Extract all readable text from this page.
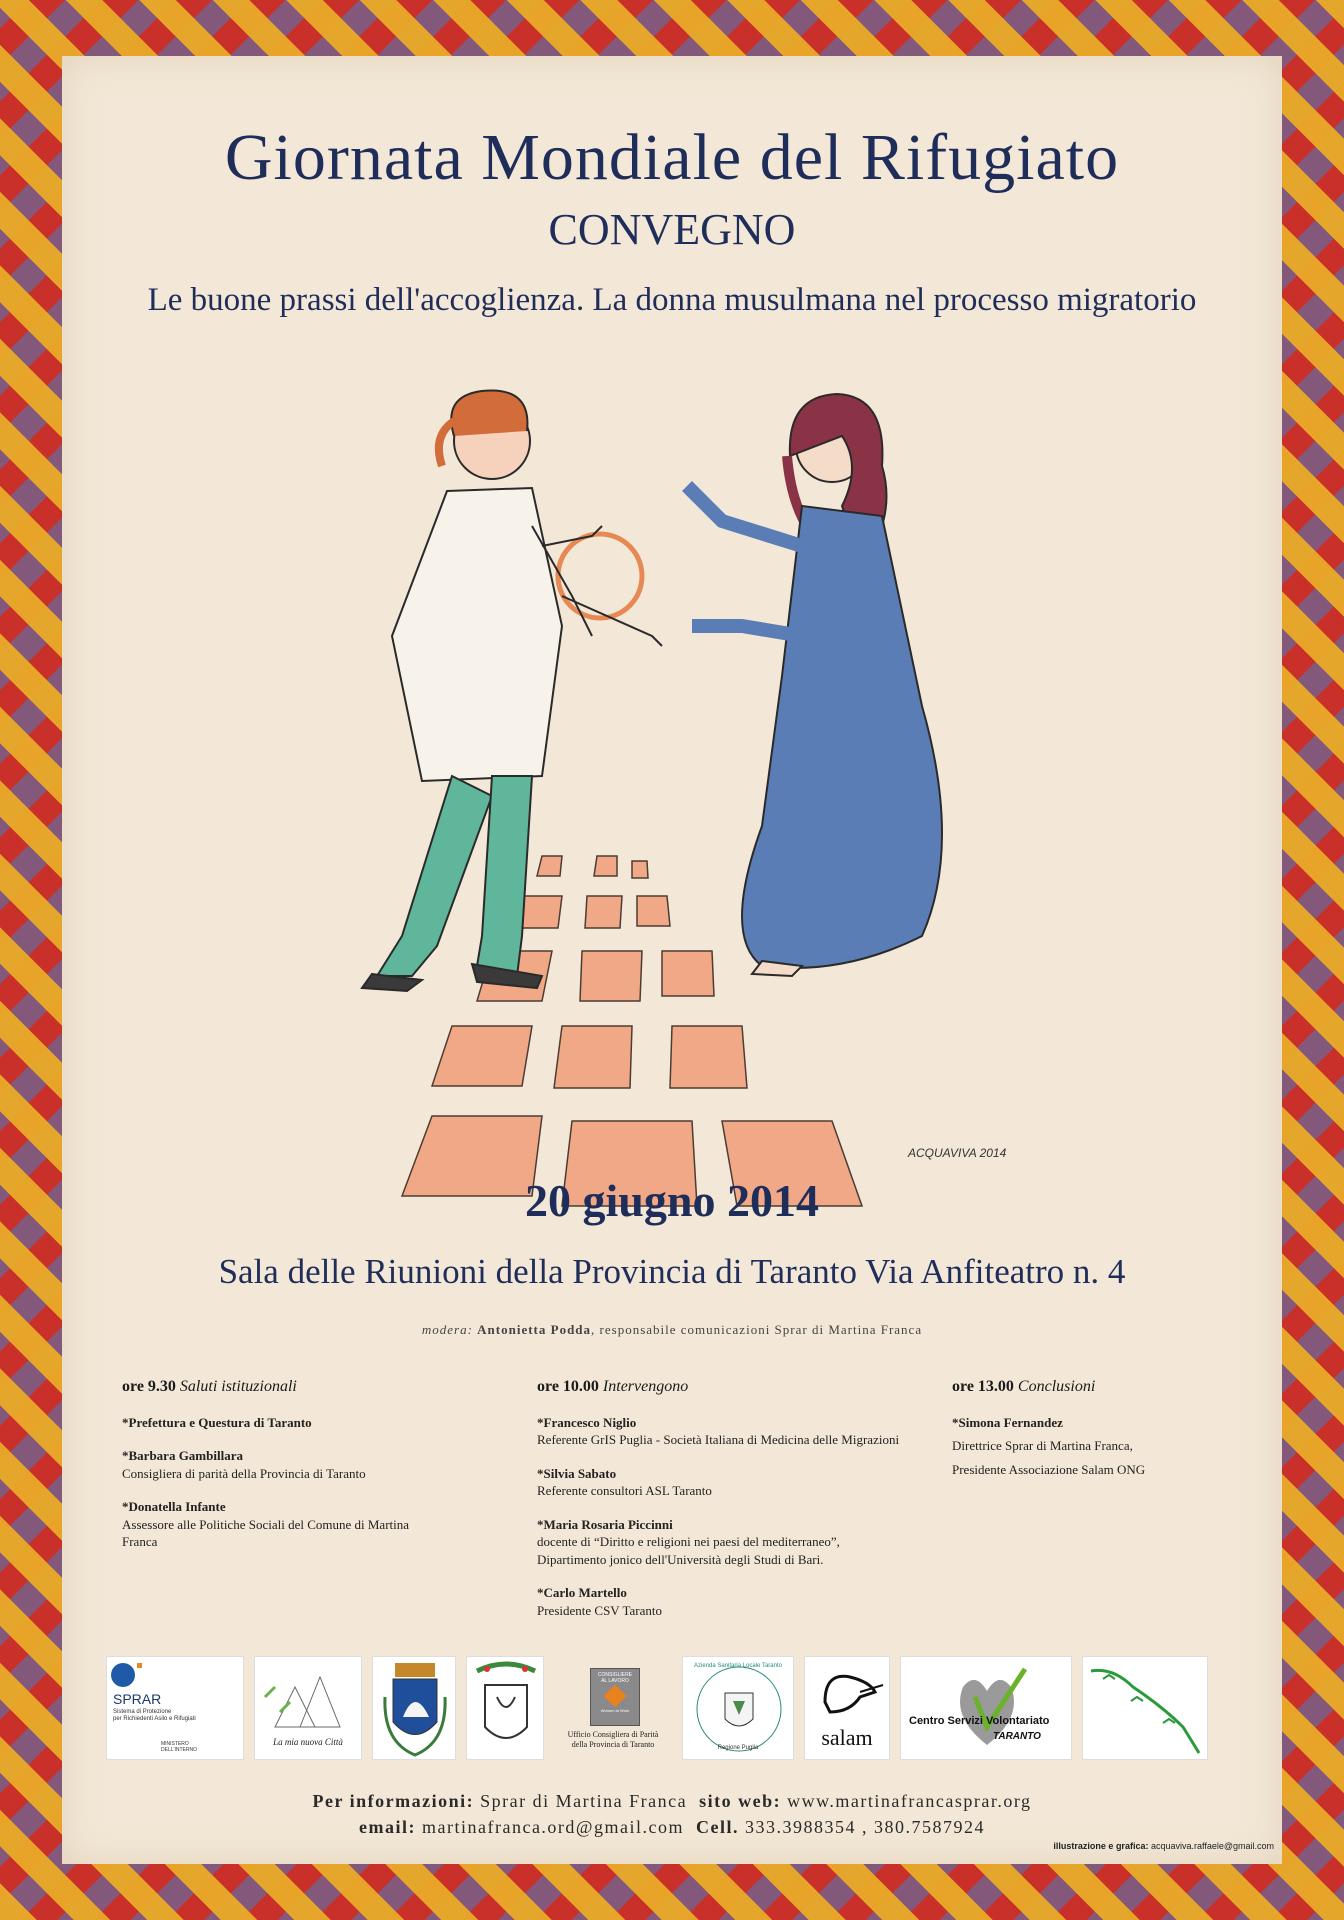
Giornata Mondiale del Rifugiato
CONVEGNO
Le buone prassi dell'accoglienza. La donna musulmana nel processo migratorio
ACQUAVIVA 2014
20 giugno 2014
Sala delle Riunioni della Provincia di Taranto Via Anfiteatro n. 4
modera: Antonietta Podda, responsabile comunicazioni Sprar di Martina Franca
ore 9.30 Saluti istituzionali
*Prefettura e Questura di Taranto
*Barbara Gambillara
Consigliera di parità della Provincia di Taranto
*Donatella Infante
Assessore alle Politiche Sociali del Comune di Martina Franca
ore 10.00 Intervengono
*Francesco Niglio
Referente GrIS Puglia - Società Italiana di Medicina delle Migrazioni
*Silvia Sabato
Referente consultori ASL Taranto
*Maria Rosaria Piccinni
docente di “Diritto e religioni nei paesi del mediterraneo”,
Dipartimento jonico dell'Università degli Studi di Bari.
*Carlo Martello
Presidente CSV Taranto
ore 13.00 Conclusioni
*Simona Fernandez
Direttrice Sprar di Martina Franca,
Presidente Associazione Salam ONG
SPRAR
Sistema di Protezione
per Richiedenti Asilo e Rifugiati
MINISTERO DELL'INTERNO
La mia nuova Città
CONSIGLIERE
AL LAVORO
Women at Work
Ufficio Consigliera di Parità
della Provincia di Taranto
Azienda Sanitaria Locale Taranto
Regione Puglia	salam
Centro Servizi Volontariato
TARANTO
Per informazioni: Sprar di Martina Franca sito web: www.martinafrancasprar.org
email: martinafranca.ord@gmail.com Cell. 333.3988354 , 380.7587924
illustrazione e grafica: acquaviva.raffaele@gmail.com
